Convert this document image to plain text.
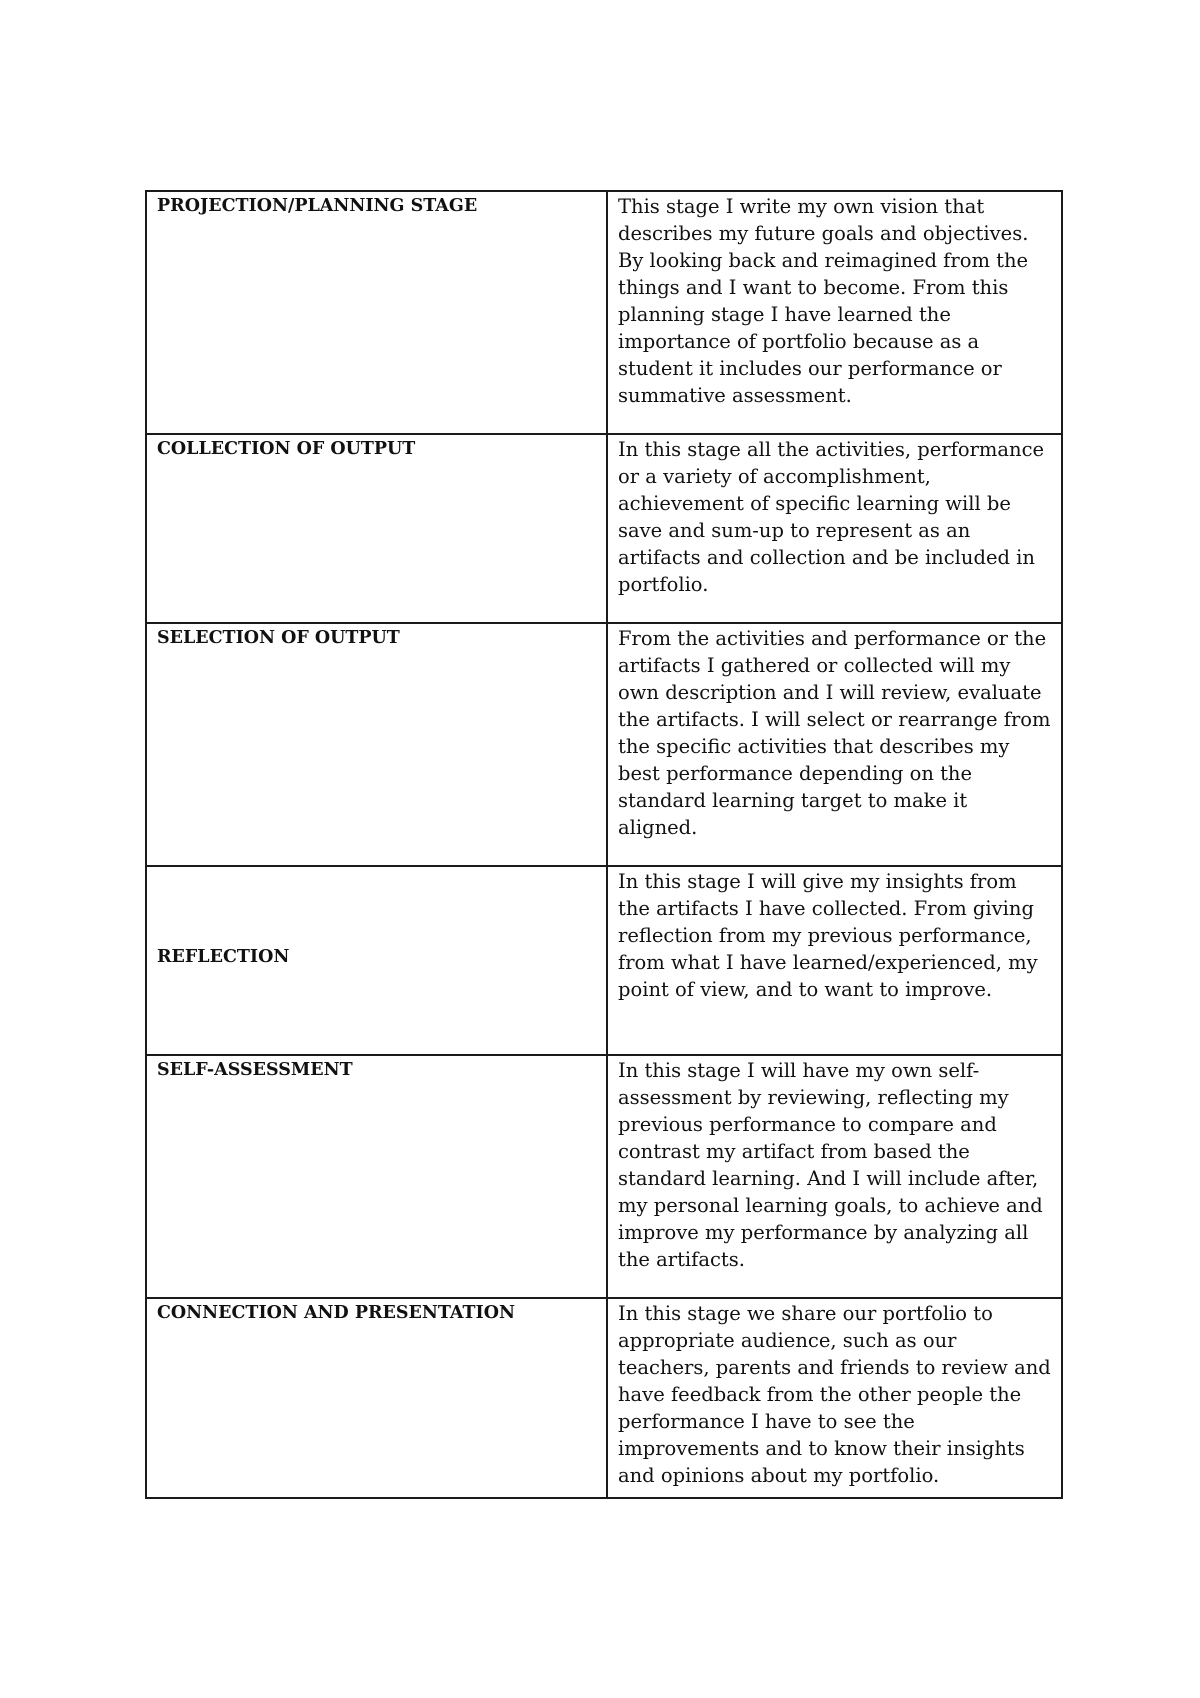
PROJECTION/PLANNING STAGE	This stage I write my own vision that describes my future goals and objectives. By looking back and reimagined from the things and I want to become. From this planning stage I have learned the importance of portfolio because as a student it includes our performance or summative assessment.
COLLECTION OF OUTPUT	In this stage all the activities, performance or a variety of accomplishment, achievement of specific learning will be save and sum-up to represent as an artifacts and collection and be included in portfolio.
SELECTION OF OUTPUT	From the activities and performance or the artifacts I gathered or collected will my own description and I will review, evaluate the artifacts. I will select or rearrange from the specific activities that describes my best performance depending on the standard learning target to make it aligned.
REFLECTION	In this stage I will give my insights from the artifacts I have collected. From giving reflection from my previous performance, from what I have learned/experienced, my point of view, and to want to improve.
SELF-ASSESSMENT	In this stage I will have my own self-assessment by reviewing, reflecting my previous performance to compare and contrast my artifact from based the standard learning. And I will include after, my personal learning goals, to achieve and improve my performance by analyzing all the artifacts.
CONNECTION AND PRESENTATION	In this stage we share our portfolio to appropriate audience, such as our teachers, parents and friends to review and have feedback from the other people the performance I have to see the improvements and to know their insights and opinions about my portfolio.
